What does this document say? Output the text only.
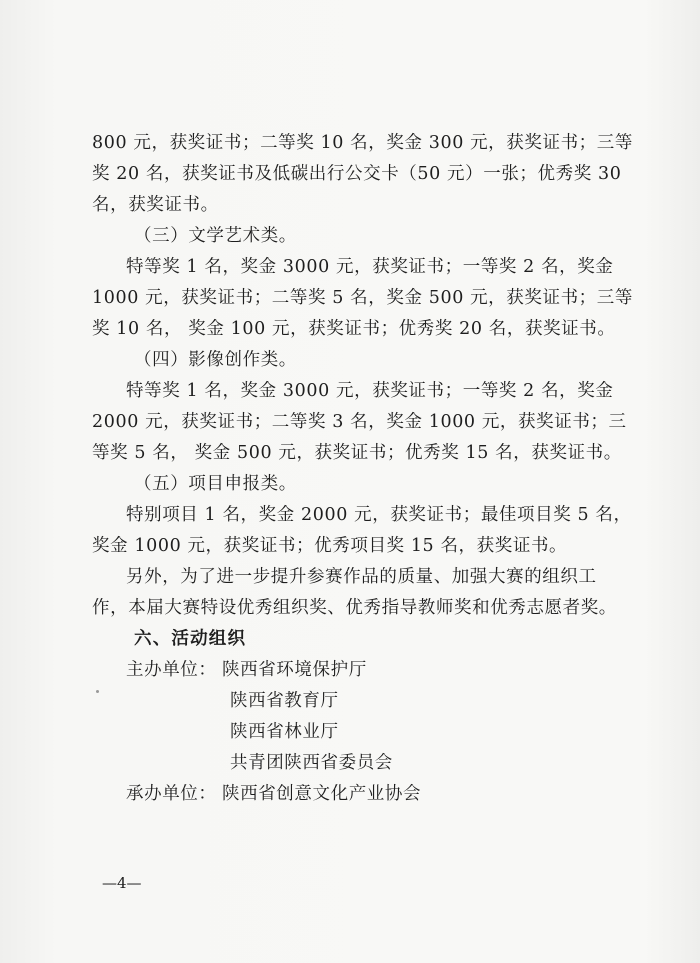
800 元，获奖证书；二等奖 10 名，奖金 300 元，获奖证书；三等
奖 20 名，获奖证书及低碳出行公交卡（50 元）一张；优秀奖 30
名，获奖证书。
（三）文学艺术类。
特等奖 1 名，奖金 3000 元，获奖证书；一等奖 2 名，奖金
1000 元，获奖证书；二等奖 5 名，奖金 500 元，获奖证书；三等
奖 10 名， 奖金 100 元，获奖证书；优秀奖 20 名，获奖证书。
（四）影像创作类。
特等奖 1 名，奖金 3000 元，获奖证书；一等奖 2 名，奖金
2000 元，获奖证书；二等奖 3 名，奖金 1000 元，获奖证书；三
等奖 5 名， 奖金 500 元，获奖证书；优秀奖 15 名，获奖证书。
（五）项目申报类。
特别项目 1 名，奖金 2000 元，获奖证书；最佳项目奖 5 名，
奖金 1000 元，获奖证书；优秀项目奖 15 名，获奖证书。
另外，为了进一步提升参赛作品的质量、加强大赛的组织工
作，本届大赛特设优秀组织奖、优秀指导教师奖和优秀志愿者奖。
六、活动组织
主办单位： 陕西省环境保护厅
陕西省教育厅
陕西省林业厅
共青团陕西省委员会
承办单位： 陕西省创意文化产业协会
—4—
